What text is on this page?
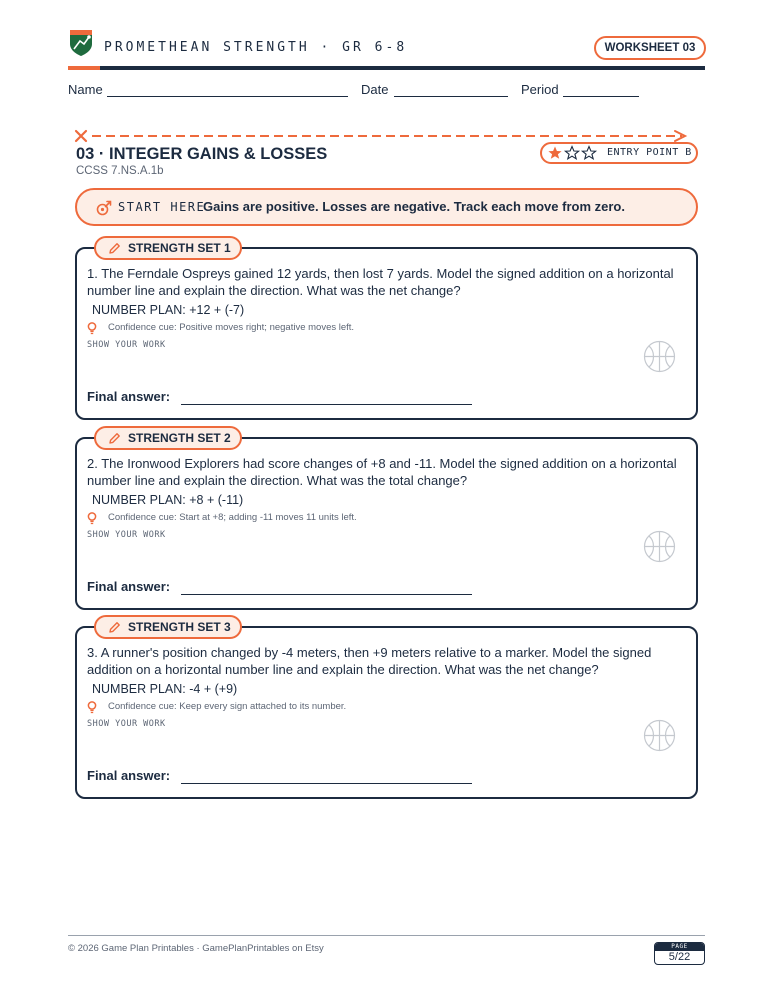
PROMETHEAN STRENGTH · GR 6-8	WORKSHEET 03
Name	Date	Period
03 · INTEGER GAINS & LOSSES
CCSS 7.NS.A.1b
ENTRY POINT B
START HERE
Gains are positive. Losses are negative. Track each move from zero.
STRENGTH SET 1
1. The Ferndale Ospreys gained 12 yards, then lost 7 yards. Model the signed addition on a horizontal number line and explain the direction. What was the net change?
NUMBER PLAN: +12 + (-7)
Confidence cue: Positive moves right; negative moves left.
SHOW YOUR WORK
Final answer:
STRENGTH SET 2
2. The Ironwood Explorers had score changes of +8 and -11. Model the signed addition on a horizontal number line and explain the direction. What was the total change?
NUMBER PLAN: +8 + (-11)
Confidence cue: Start at +8; adding -11 moves 11 units left.
SHOW YOUR WORK
Final answer:
STRENGTH SET 3
3. A runner's position changed by -4 meters, then +9 meters relative to a marker. Model the signed addition on a horizontal number line and explain the direction. What was the net change?
NUMBER PLAN: -4 + (+9)
Confidence cue: Keep every sign attached to its number.
SHOW YOUR WORK
Final answer:
© 2026 Game Plan Printables · GamePlanPrintables on Etsy	PAGE
5/22
